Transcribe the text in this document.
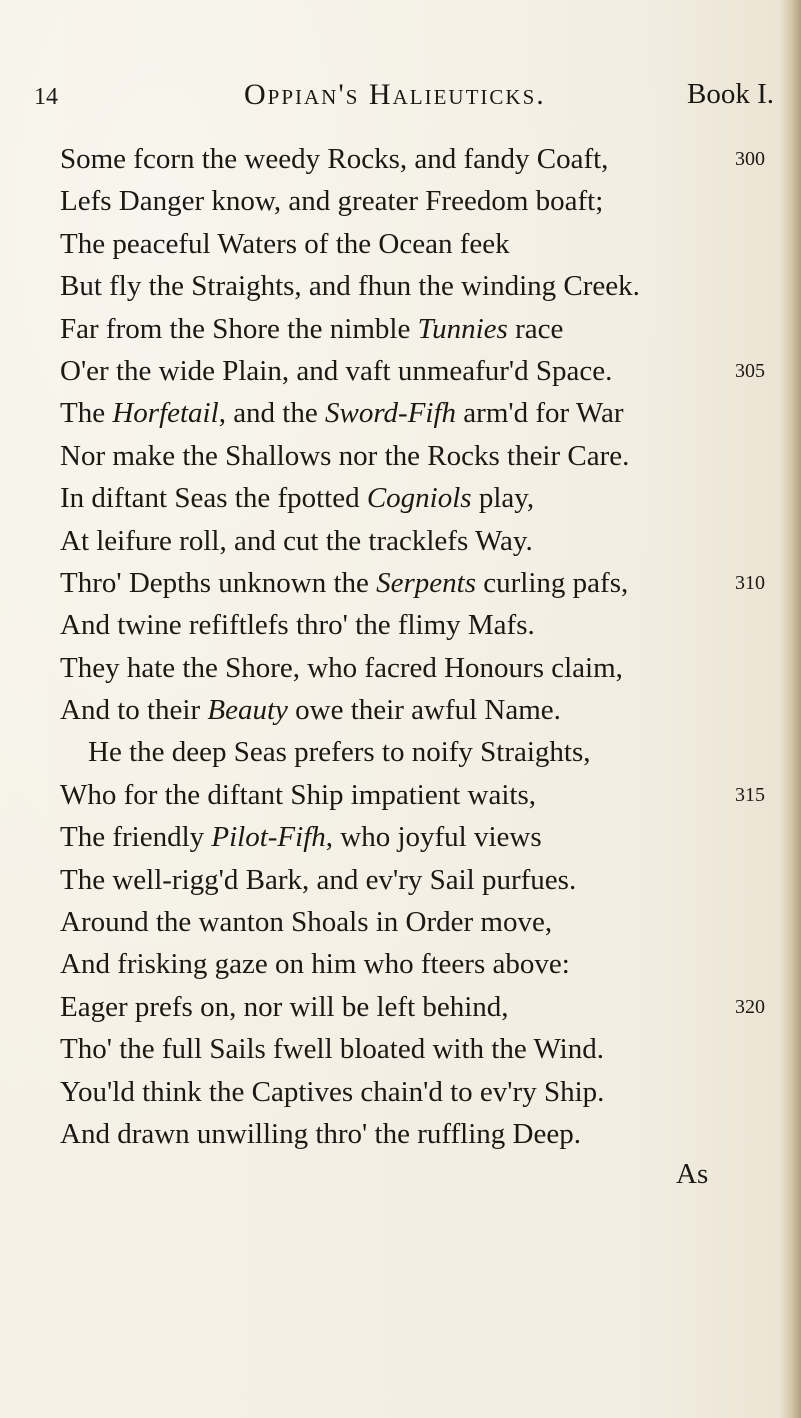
14	Oppian's Halieuticks.	Book I.
Some fcorn the weedy Rocks, and fandy Coaft,	300
Lefs Danger know, and greater Freedom boaft;
The peaceful Waters of the Ocean feek
But fly the Straights, and fhun the winding Creek.
Far from the Shore the nimble Tunnies race
O'er the wide Plain, and vaft unmeafur'd Space.	305
The Horfetail, and the Sword-Fifh arm'd for War
Nor make the Shallows nor the Rocks their Care.
In diftant Seas the fpotted Cogniols play,
At leifure roll, and cut the tracklefs Way.
Thro' Depths unknown the Serpents curling pafs,	310
And twine refiftlefs thro' the flimy Mafs.
They hate the Shore, who facred Honours claim,
And to their Beauty owe their awful Name.
He the deep Seas prefers to noify Straights,
Who for the diftant Ship impatient waits,	315
The friendly Pilot-Fifh, who joyful views
The well-rigg'd Bark, and ev'ry Sail purfues.
Around the wanton Shoals in Order move,
And frisking gaze on him who fteers above:
Eager prefs on, nor will be left behind,	320
Tho' the full Sails fwell bloated with the Wind.
You'ld think the Captives chain'd to ev'ry Ship.
And drawn unwilling thro' the ruffling Deep.
As
